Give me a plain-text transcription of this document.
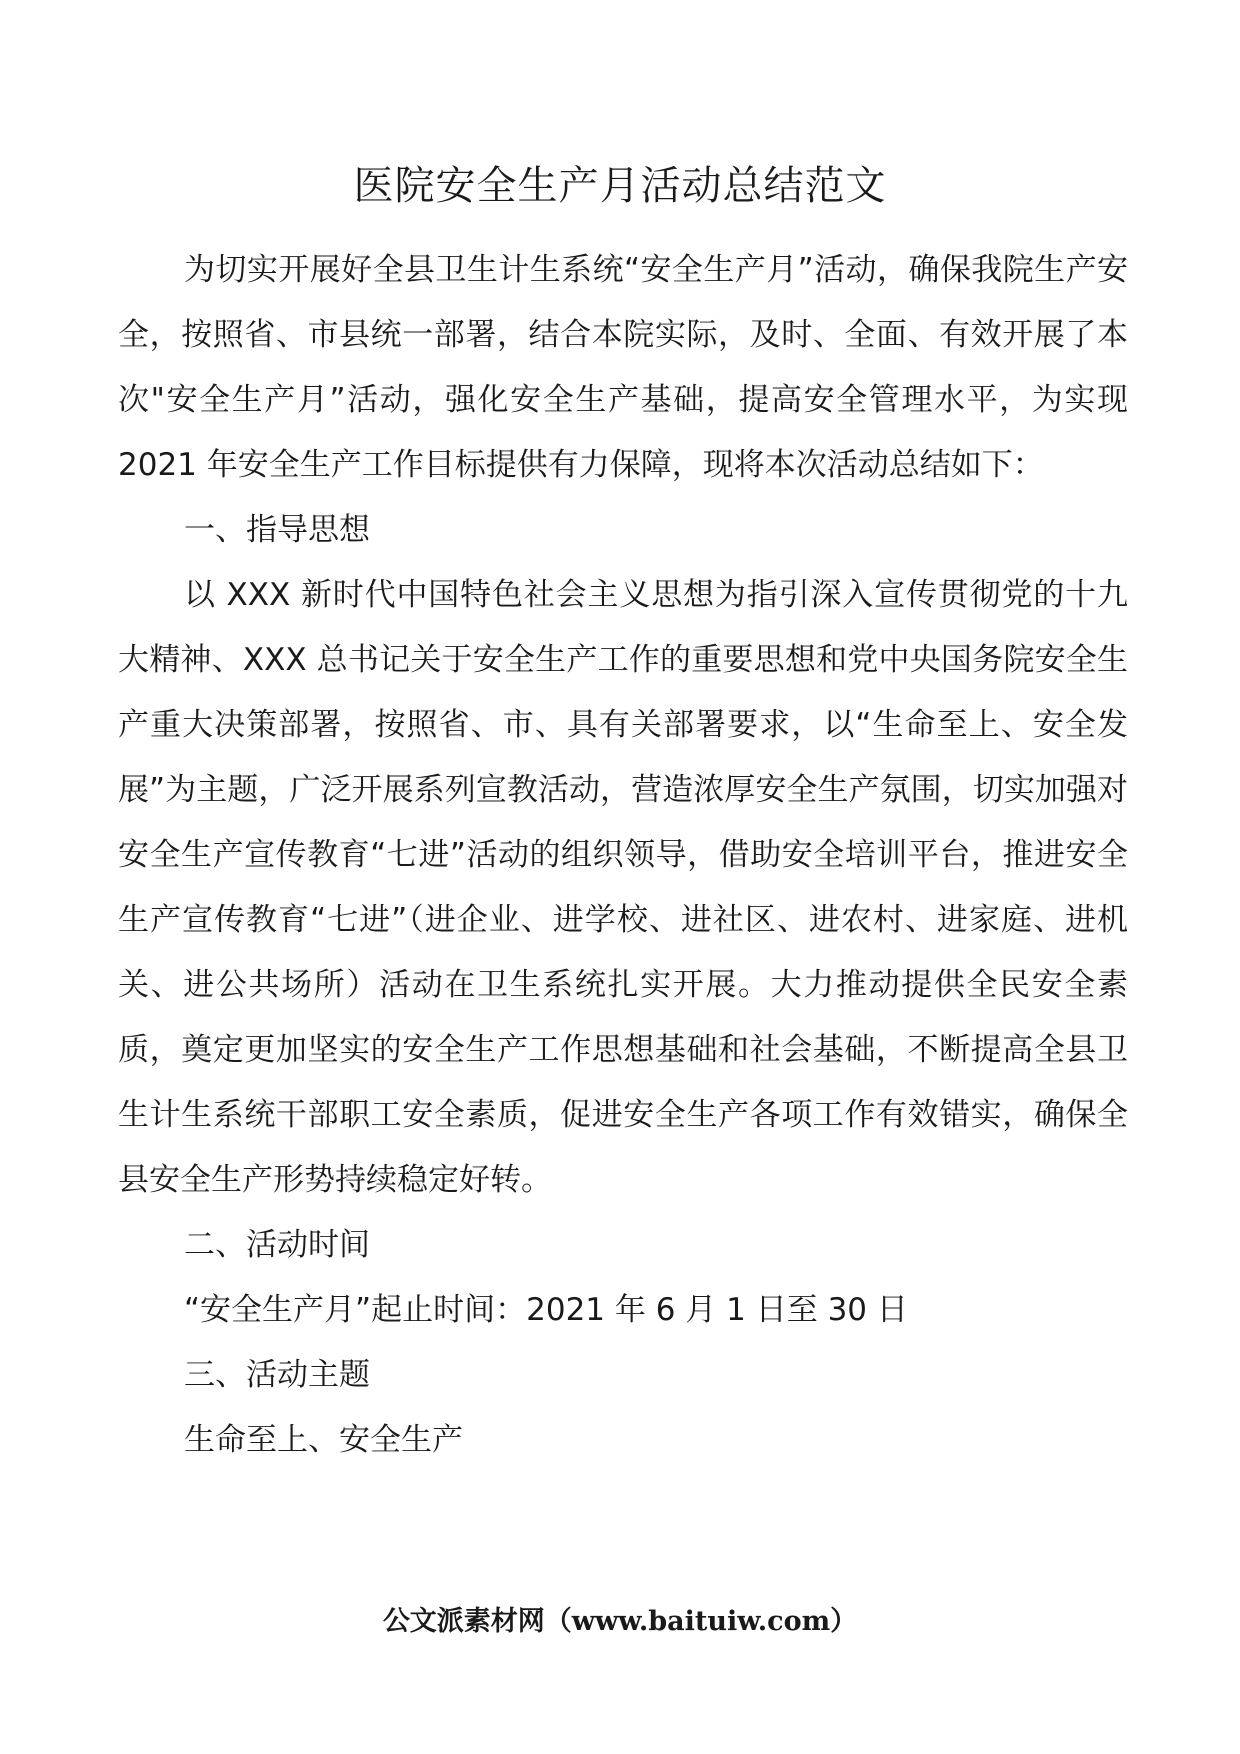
医院安全生产月活动总结范文

为切实开展好全县卫生计生系统“安全生产月”活动，确保我院生产安全，按照省、市县统一部署，结合本院实际，及时、全面、有效开展了本次"安全生产月”活动，强化安全生产基础，提高安全管理水平，为实现 2021 年安全生产工作目标提供有力保障，现将本次活动总结如下：

一、指导思想

以 XXX 新时代中国特色社会主义思想为指引深入宣传贯彻党的十九大精神、XXX 总书记关于安全生产工作的重要思想和党中央国务院安全生产重大决策部署，按照省、市、具有关部署要求，以“生命至上、安全发展”为主题，广泛开展系列宣教活动，营造浓厚安全生产氛围，切实加强对安全生产宣传教育“七进”活动的组织领导，借助安全培训平台，推进安全生产宣传教育“七进”（进企业、进学校、进社区、进农村、进家庭、进机关、进公共场所）活动在卫生系统扎实开展。大力推动提供全民安全素质，奠定更加坚实的安全生产工作思想基础和社会基础，不断提高全县卫生计生系统干部职工安全素质，促进安全生产各项工作有效错实，确保全县安全生产形势持续稳定好转。

二、活动时间

“安全生产月”起止时间：2021 年 6 月 1 日至 30 日

三、活动主题

生命至上、安全生产

公文派素材网（www.baituiw.com）
